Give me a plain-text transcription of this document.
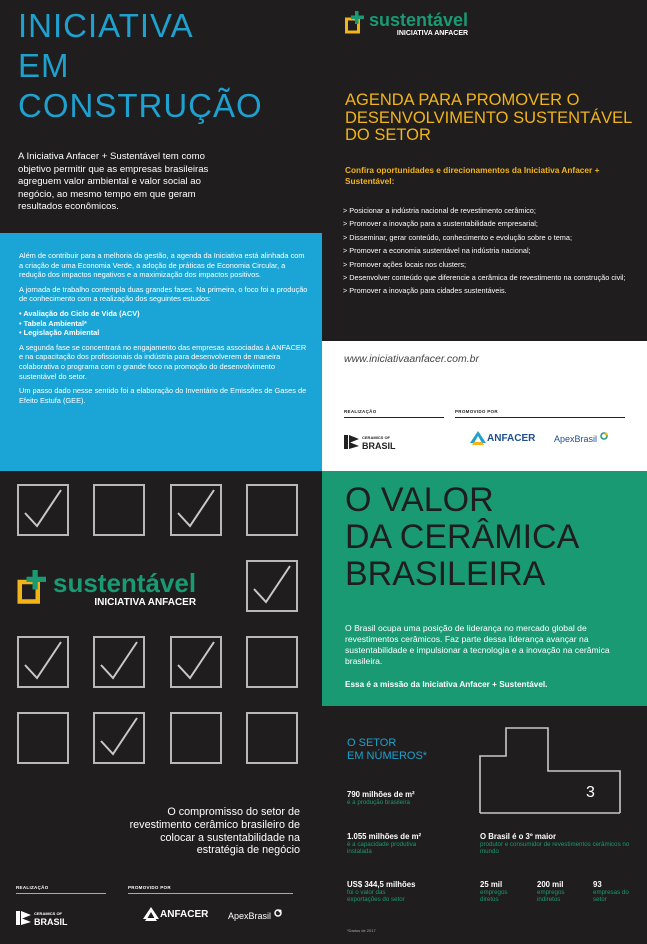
INICIATIVA
EM
CONSTRUÇÃO

A Iniciativa Anfacer + Sustentável tem como objetivo permitir que as empresas brasileiras agreguem valor ambiental e valor social ao negócio, ao mesmo tempo em que geram resultados econômicos.

Além de contribuir para a melhoria da gestão, a agenda da Iniciativa está alinhada com a criação de uma Economia Verde, a adoção de práticas de Economia Circular, a redução dos impactos negativos e a maximização dos impactos positivos.

A jornada de trabalho contempla duas grandes fases. Na primeira, o foco foi a produção de conhecimento com a realização dos seguintes estudos:

• Avaliação do Ciclo de Vida (ACV)
• Tabela Ambiental*
• Legislação Ambiental

A segunda fase se concentrará no engajamento das empresas associadas à ANFACER e na capacitação dos profissionais da indústria para desenvolverem de maneira colaborativa o programa com o grande foco na promoção do desenvolvimento sustentável do setor.

Um passo dado nesse sentido foi a elaboração do Inventário de Emissões de Gases de Efeito Estufa (GEE).

sustentável
INICIATIVA ANFACER
AGENDA PARA PROMOVER O DESENVOLVIMENTO SUSTENTÁVEL DO SETOR

Confira oportunidades e direcionamentos da Iniciativa Anfacer + Sustentável:

> Posicionar a indústria nacional de revestimento cerâmico;
> Promover a inovação para a sustentabilidade empresarial;
> Disseminar, gerar conteúdo, conhecimento e evolução sobre o tema;
> Promover a economia sustentável na indústria nacional;
> Promover ações locais nos clusters;
> Desenvolver conteúdo que diferencie a cerâmica de revestimento na construção civil;
> Promover a inovação para cidades sustentáveis.
www.iniciativaanfacer.com.br
REALIZAÇÃO	PROMOVIDO POR
CERAMICS OF
BRASIL
ANFACER ApexBrasil
sustentável
INICIATIVA ANFACER
O VALOR
DA CERÂMICA
BRASILEIRA

O Brasil ocupa uma posição de liderança no mercado global de revestimentos cerâmicos. Faz parte dessa liderança avançar na sustentabilidade e impulsionar a tecnologia e a inovação na cerâmica brasileira.

Essa é a missão da Iniciativa Anfacer + Sustentável.

O SETOR
EM NÚMEROS*
3
790 milhões de m²
é a produção brasileira
1.055 milhões de m²
é a capacidade produtiva instalada
US$ 344,5 milhões
foi o valor das exportações do setor
O Brasil é o 3º maior
produtor e consumidor de revestimentos cerâmicos no mundo
25 mil
empregos diretos
200 mil
empregos indiretos
93
empresas do setor
*Dados de 2017

O compromisso do setor de revestimento cerâmico brasileiro de colocar a sustentabilidade na estratégia de negócio

REALIZAÇÃO	PROMOVIDO POR
CERAMICS OF
BRASIL
ANFACER ApexBrasil
